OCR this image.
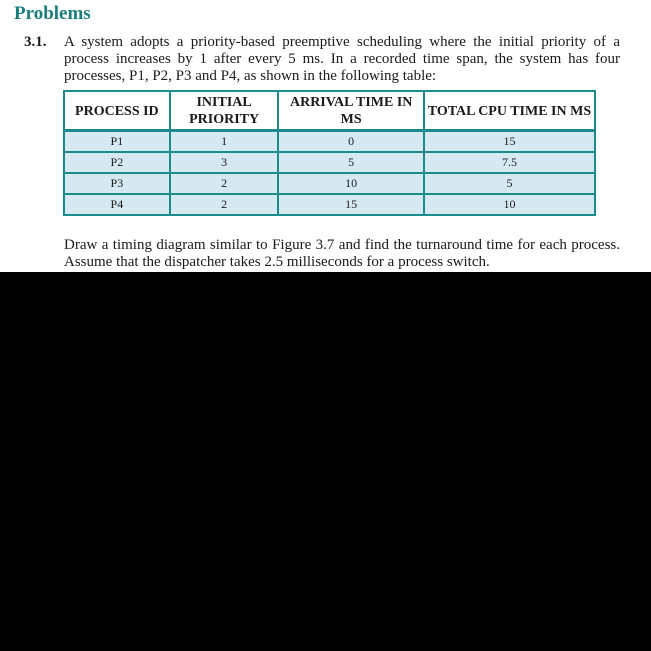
Problems
3.1. A system adopts a priority-based preemptive scheduling where the initial priority of a process increases by 1 after every 5 ms. In a recorded time span, the system has four processes, P1, P2, P3 and P4, as shown in the following table:

PROCESS ID	INITIAL PRIORITY	ARRIVAL TIME IN MS	TOTAL CPU TIME IN MS
P1	1	0	15
P2	3	5	7.5
P3	2	10	5
P4	2	15	10

Draw a timing diagram similar to Figure 3.7 and find the turnaround time for each process. Assume that the dispatcher takes 2.5 milliseconds for a process switch.
